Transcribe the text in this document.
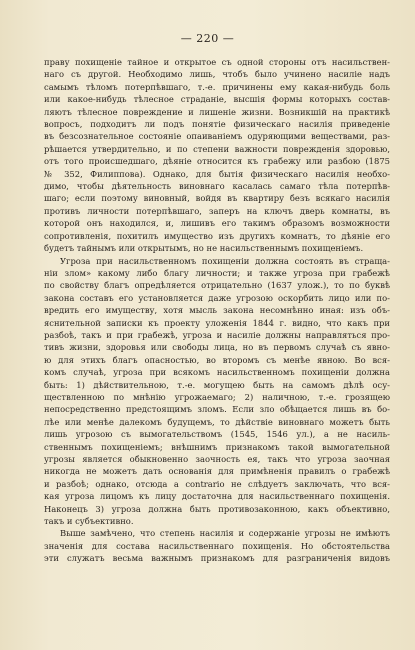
— 220 —
праву похищенiе тайное и открытое съ одной стороны отъ насильствен-
наго съ другой. Необходимо лишь, чтобъ было учинено насилiе надъ
самымъ тѣломъ потерпѣвшаго, т.-е. причинены ему какая-нибудь боль
или какое-нибудь тѣлесное страданiе, высшiя формы которыхъ состав-
ляютъ тѣлесное повреждение и лишенiе жизни. Возникшiй на практикѣ
вопросъ, подходитъ ли подъ понятiе физическаго насилiя приведенiе
въ безсознательное состоянiе опаиванiемъ одуряющими веществами, раз-
рѣшается утвердительно, и по степени важности поврежденiя здоровью,
отъ того происшедшаго, дѣянiе относится къ грабежу или разбою (1875
№ 352, Филиппова). Однако, для бытiя физическаго насилiя необхо-
димо, чтобы дѣятельность виновнаго касалась самаго тѣла потерпѣв-
шаго; если поэтому виновный, войдя въ квартиру безъ всякаго насилiя
противъ личности потерпѣвшаго, заперъ на ключъ дверь комнаты, въ
которой онъ находился, и, лишивъ его такимъ образомъ возможности
сопротивленiя, похитилъ имущество изъ другихъ комнатъ, то дѣянiе его
будетъ тайнымъ или открытымъ, но не насильственнымъ похищенiемъ.
Угроза при насильственномъ похищенiи должна состоять въ страща-
нiи злом» какому либо благу личности; и также угроза при грабежѣ
по свойству благъ опредѣляется отрицательно (1637 улож.), то по буквѣ
закона составъ его установляется даже угрозою оскорбить лицо или по-
вредить его имуществу, хотя мысль закона несомнѣнно иная: изъ объ-
яснительной записки къ проекту уложенiя 1844 г. видно, что какъ при
разбоѣ, такъ и при грабежѣ, угроза и насилiе должны направляться про-
тивъ жизни, здоровья или свободы лица, но въ первомъ случаѣ съ явно-
ю для этихъ благъ опасностью, во второмъ съ менѣе явною. Во вся-
комъ случаѣ, угроза при всякомъ насильственномъ похищенiи должна
быть: 1) дѣйствительною, т.-е. могущею быть на самомъ дѣлѣ осу-
ществленною по мнѣнiю угрожаемаго; 2) наличною, т.-е. грозящею
непосредственно предстоящимъ зломъ. Если зло обѣщается лишь въ бо-
лѣе или менѣе далекомъ будущемъ, то дѣйствiе виновнаго можетъ быть
лишь угрозою съ вымогательствомъ (1545, 1546 ул.), а не насиль-
ственнымъ похищенiемъ; внѣшнимъ признакомъ такой вымогательной
угрозы является обыкновенно заочность ея, такъ что угроза заочная
никогда не можетъ дать основанiя для примѣненiя правилъ о грабежѣ
и разбоѣ; однако, отсюда a contrario не слѣдуетъ заключать, что вся-
кая угроза лицомъ къ лицу достаточна для насильственнаго похищенiя.
Наконецъ 3) угроза должна быть противозаконною, какъ объективно,
такъ и субъективно.
Выше замѣчено, что степень насилiя и содержанiе угрозы не имѣютъ
значенiя для состава насильственнаго похищенiя. Но обстоятельства
эти служатъ весьма важнымъ признакомъ для разграниченiя видовъ
